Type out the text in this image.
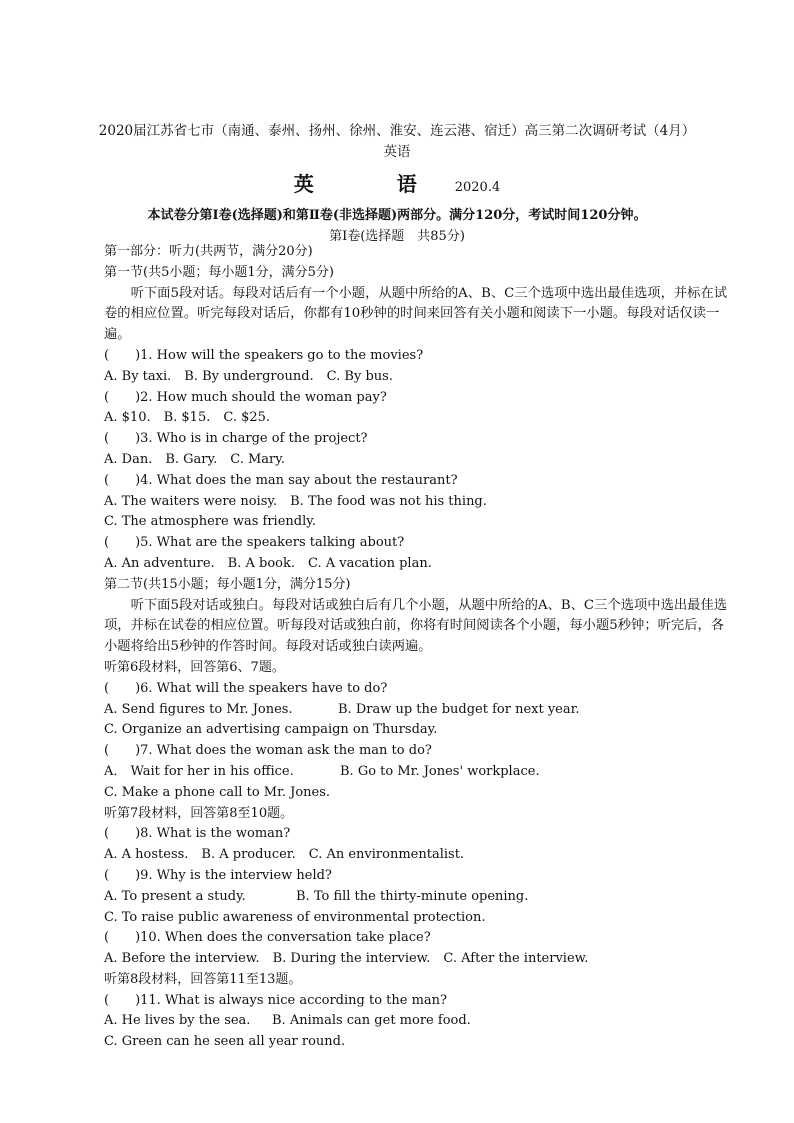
2020届江苏省七市（南通、泰州、扬州、徐州、淮安、连云港、宿迁）高三第二次调研考试（4月）
英语
英 语2020.4
本试卷分第Ⅰ卷(选择题)和第Ⅱ卷(非选择题)两部分。满分120分，考试时间120分钟。
第Ⅰ卷(选择题　共85分)
第一部分：听力(共两节，满分20分)
第一节(共5小题；每小题1分，满分5分)
听下面5段对话。每段对话后有一个小题，从题中所给的A、B、C三个选项中选出最佳选项，并标在试卷的相应位置。听完每段对话后，你都有10秒钟的时间来回答有关小题和阅读下一小题。每段对话仅读一遍。
(　　)1. How will the speakers go to the movies?
A. By taxi.　B. By underground.　C. By bus.
(　　)2. How much should the woman pay?
A. $10.　B. $15.　C. $25.
(　　)3. Who is in charge of the project?
A. Dan.　B. Gary.　C. Mary.
(　　)4. What does the man say about the restaurant?
A. The waiters were noisy.　B. The food was not his thing.
C. The atmosphere was friendly.
(　　)5. What are the speakers talking about?
A. An adventure.　B. A book.　C. A vacation plan.
第二节(共15小题；每小题1分，满分15分)
听下面5段对话或独白。每段对话或独白后有几个小题，从题中所给的A、B、C三个选项中选出最佳选项，并标在试卷的相应位置。听每段对话或独白前，你将有时间阅读各个小题，每小题5秒钟；听完后，各小题将给出5秒钟的作答时间。每段对话或独白读两遍。
听第6段材料，回答第6、7题。
(　　)6. What will the speakers have to do?
A. Send figures to Mr. Jones.	B. Draw up the budget for next year.
C. Organize an advertising campaign on Thursday.
(　　)7. What does the woman ask the man to do?
A． Wait for her in his office.	B. Go to Mr. Jones' workplace.
C. Make a phone call to Mr. Jones.
听第7段材料，回答第8至10题。
(　　)8. What is the woman?
A. A hostess.　B. A producer.　C. An environmentalist.
(　　)9. Why is the interview held?
A. To present a study.	B. To fill the thirty-minute opening.
C. To raise public awareness of environmental protection.
(　　)10. When does the conversation take place?
A. Before the interview.　B. During the interview.　C. After the interview.
听第8段材料，回答第11至13题。
(　　)11. What is always nice according to the man?
A. He lives by the sea. B. Animals can get more food.
C. Green can he seen all year round.
